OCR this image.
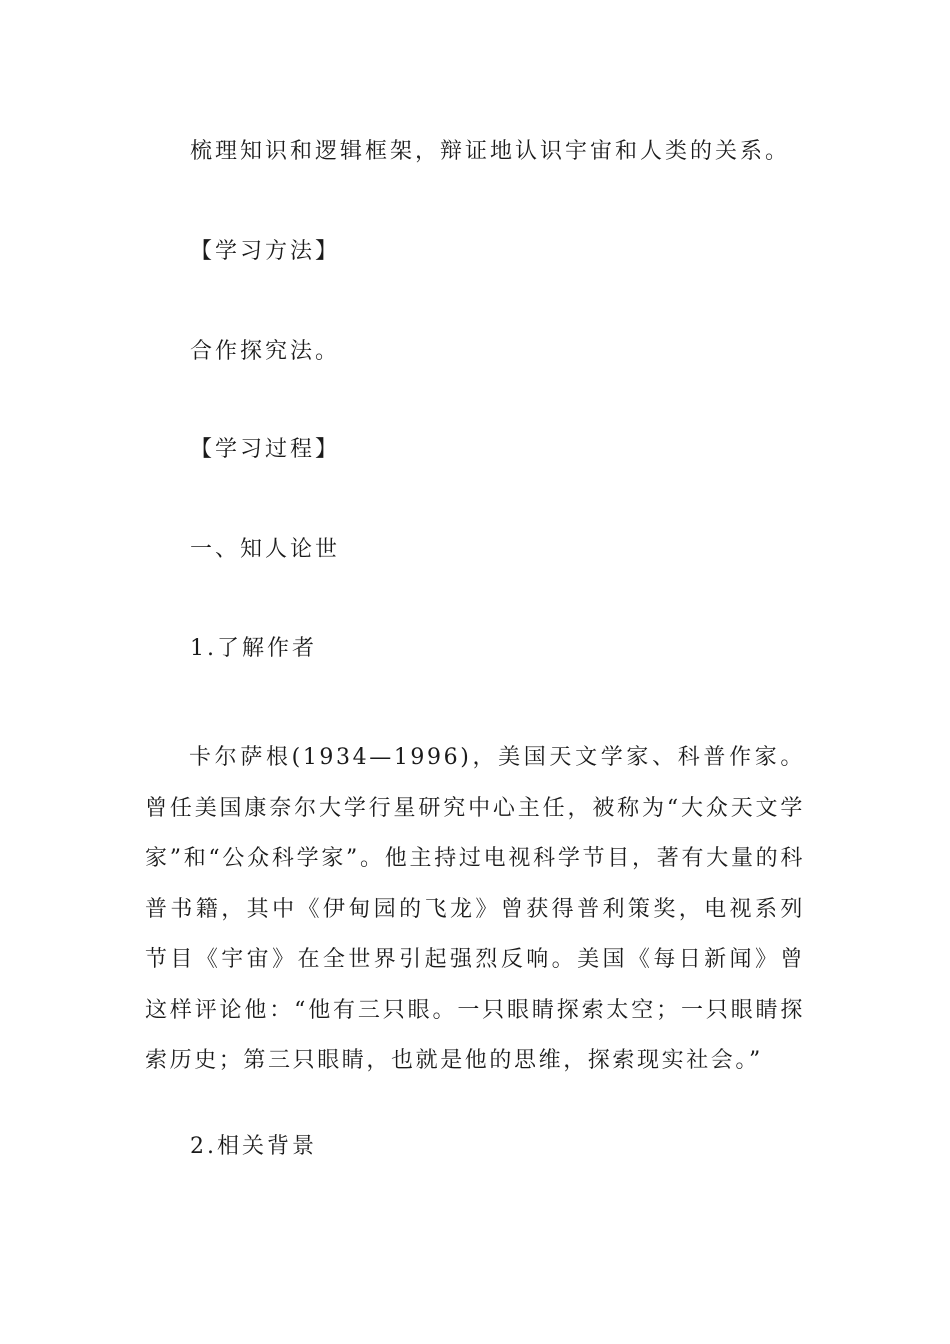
梳理知识和逻辑框架，辩证地认识宇宙和人类的关系。
【学习方法】
合作探究法。
【学习过程】
一、知人论世
1.了解作者
卡尔萨根(1934—1996)，美国天文学家、科普作家。曾任美国康奈尔大学行星研究中心主任，被称为“大众天文学家”和“公众科学家”。他主持过电视科学节目，著有大量的科普书籍，其中《伊甸园的飞龙》曾获得普利策奖，电视系列节目《宇宙》在全世界引起强烈反响。美国《每日新闻》曾这样评论他：“他有三只眼。一只眼睛探索太空；一只眼睛探索历史；第三只眼睛，也就是他的思维，探索现实社会。”
2.相关背景
